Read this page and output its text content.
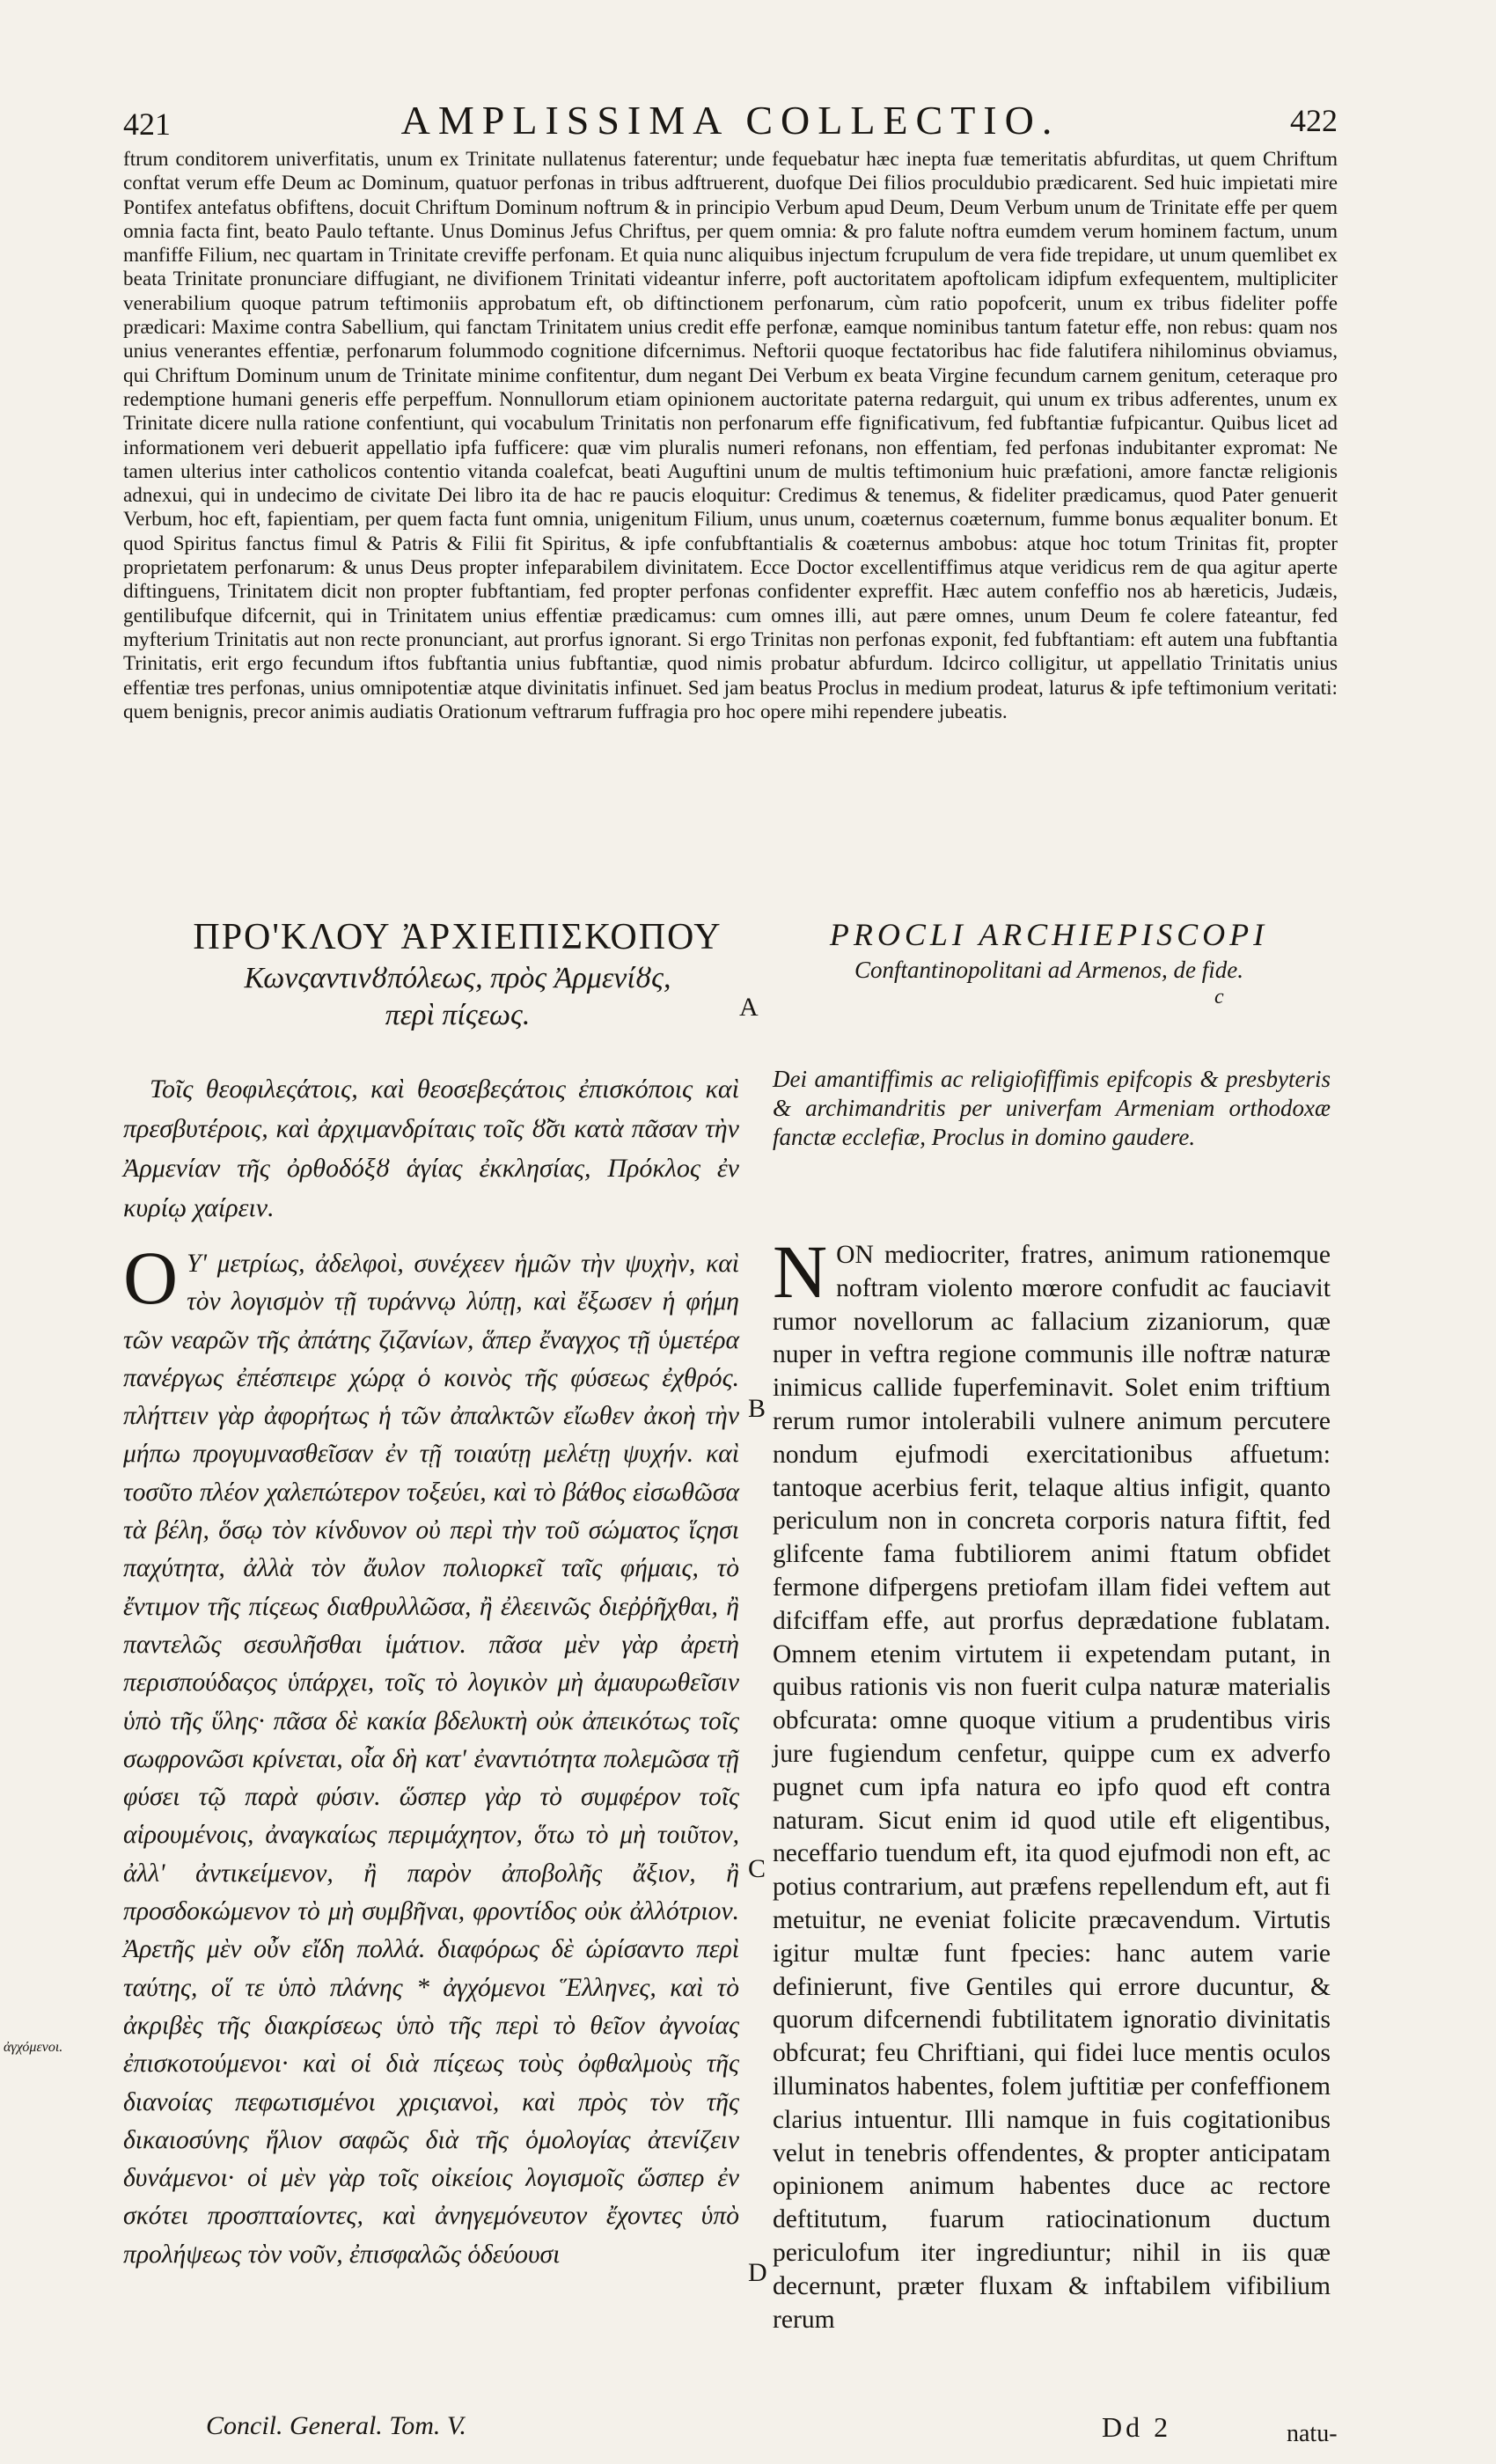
421	AMPLISSIMA COLLECTIO.	422

ftrum conditorem univerfitatis, unum ex Trinitate nullatenus faterentur; unde fequebatur hæc inepta fuæ temeritatis abfurditas, ut quem Chriftum conftat verum effe Deum ac Dominum, quatuor perfonas in tribus adftruerent, duofque Dei filios proculdubio prædicarent. Sed huic impietati mire Pontifex antefatus obfiftens, docuit Chriftum Dominum noftrum & in principio Verbum apud Deum, Deum Verbum unum de Trinitate effe per quem omnia facta fint, beato Paulo teftante. Unus Dominus Jefus Chriftus, per quem omnia: & pro falute noftra eumdem verum hominem factum, unum manfiffe Filium, nec quartam in Trinitate creviffe perfonam. Et quia nunc aliquibus injectum fcrupulum de vera fide trepidare, ut unum quemlibet ex beata Trinitate pronunciare diffugiant, ne divifionem Trinitati videantur inferre, poft auctoritatem apoftolicam idipfum exfequentem, multipliciter venerabilium quoque patrum teftimoniis approbatum eft, ob diftinctionem perfonarum, cùm ratio popofcerit, unum ex tribus fideliter poffe prædicari: Maxime contra Sabellium, qui fanctam Trinitatem unius credit effe perfonæ, eamque nominibus tantum fatetur effe, non rebus: quam nos unius venerantes effentiæ, perfonarum folummodo cognitione difcernimus. Neftorii quoque fectatoribus hac fide falutifera nihilominus obviamus, qui Chriftum Dominum unum de Trinitate minime confitentur, dum negant Dei Verbum ex beata Virgine fecundum carnem genitum, ceteraque pro redemptione humani generis effe perpeffum. Nonnullorum etiam opinionem auctoritate paterna redarguit, qui unum ex tribus adferentes, unum ex Trinitate dicere nulla ratione confentiunt, qui vocabulum Trinitatis non perfonarum effe fignificativum, fed fubftantiæ fufpicantur. Quibus licet ad informationem veri debuerit appellatio ipfa fufficere: quæ vim pluralis numeri refonans, non effentiam, fed perfonas indubitanter expromat: Ne tamen ulterius inter catholicos contentio vitanda coalefcat, beati Auguftini unum de multis teftimonium huic præfationi, amore fanctæ religionis adnexui, qui in undecimo de civitate Dei libro ita de hac re paucis eloquitur: Credimus & tenemus, & fideliter prædicamus, quod Pater genuerit Verbum, hoc eft, fapientiam, per quem facta funt omnia, unigenitum Filium, unus unum, coæternus coæternum, fumme bonus æqualiter bonum. Et quod Spiritus fanctus fimul & Patris & Filii fit Spiritus, & ipfe confubftantialis & coæternus ambobus: atque hoc totum Trinitas fit, propter proprietatem perfonarum: & unus Deus propter infeparabilem divinitatem. Ecce Doctor excellentiffimus atque veridicus rem de qua agitur aperte diftinguens, Trinitatem dicit non propter fubftantiam, fed propter perfonas confidenter expreffit. Hæc autem confeffio nos ab hæreticis, Judæis, gentilibufque difcernit, qui in Trinitatem unius effentiæ prædicamus: cum omnes illi, aut pære omnes, unum Deum fe colere fateantur, fed myfterium Trinitatis aut non recte pronunciant, aut prorfus ignorant. Si ergo Trinitas non perfonas exponit, fed fubftantiam: eft autem una fubftantia Trinitatis, erit ergo fecundum iftos fubftantia unius fubftantiæ, quod nimis probatur abfurdum. Idcirco colligitur, ut appellatio Trinitatis unius effentiæ tres perfonas, unius omnipotentiæ atque divinitatis infinuet. Sed jam beatus Proclus in medium prodeat, laturus & ipfe teftimonium veritati: quem benignis, precor animis audiatis Orationum veftrarum fuffragia pro hoc opere mihi rependere jubeatis.

ΠΡΟ'ΚΛΟΥ ἈΡΧΙΕΠΙΣΚΟΠΟΥ
Κωνςαντινȣπόλεως, πρὸς Ἀρμενίȣς,
περὶ πίςεως.
PROCLI ARCHIEPISCOPI
Conftantinopolitani ad Armenos, de fide.
A	c
B
C
D
Τοῖς θεοφιλεςάτοις, καὶ θεοσεβεςάτοις ἐπισκόποις καὶ πρεσβυτέροις, καὶ ἀρχιμανδρίταις τοῖς ȣ̓̃σι κατὰ πᾶσαν τὴν Ἀρμενίαν τῆς ὀρθοδόξȣ ἁγίας ἐκκλησίας, Πρόκλος ἐν κυρίῳ χαίρειν.
Dei amantiffimis ac religiofiffimis epifcopis & presbyteris & archimandritis per univerfam Armeniam orthodoxæ fanctæ ecclefiæ, Proclus in domino gaudere.
O Υ' μετρίως, ἀδελφοὶ, συνέχεεν ἡμῶν τὴν ψυχὴν, καὶ τὸν λογισμὸν τῇ τυράννῳ λύπῃ, καὶ ἔξωσεν ἡ φήμη τῶν νεαρῶν τῆς ἀπάτης ζιζανίων, ἅπερ ἔναγχος τῇ ὑμετέρα πανέργως ἐπέσπειρε χώρᾳ ὁ κοινὸς τῆς φύσεως ἐχθρός. πλήττειν γὰρ ἀφορήτως ἡ τῶν ἀπαλκτῶν εἴωθεν ἀκοὴ τὴν μήπω προγυμνασθεῖσαν ἐν τῇ τοιαύτῃ μελέτῃ ψυχήν. καὶ τοσῦτο πλέον χαλεπώτερον τοξεύει, καὶ τὸ βάθος εἰσωθῶσα τὰ βέλη, ὅσῳ τὸν κίνδυνον οὐ περὶ τὴν τοῦ σώματος ἵςησι παχύτητα, ἀλλὰ τὸν ἄυλον πολιορκεῖ ταῖς φήμαις, τὸ ἔντιμον τῆς πίςεως διαθρυλλῶσα, ἢ ἐλεεινῶς διεῤῥῆχθαι, ἢ παντελῶς σεσυλῆσθαι ἱμάτιον. πᾶσα μὲν γὰρ ἀρετὴ περισπούδαςος ὑπάρχει, τοῖς τὸ λογικὸν μὴ ἀμαυρωθεῖσιν ὑπὸ τῆς ὕλης· πᾶσα δὲ κακία βδελυκτὴ οὐκ ἀπεικότως τοῖς σωφρονῶσι κρίνεται, οἷα δὴ κατ' ἐναντιότητα πολεμῶσα τῇ φύσει τῷ παρὰ φύσιν. ὥσπερ γὰρ τὸ συμφέρον τοῖς αἱρουμένοις, ἀναγκαίως περιμάχητον, ὅτω τὸ μὴ τοιῦτον, ἀλλ' ἀντικείμενον, ἢ παρὸν ἀποβολῆς ἄξιον, ἢ προσδοκώμενον τὸ μὴ συμβῆναι, φροντίδος οὐκ ἀλλότριον. Ἀρετῆς μὲν οὖν εἴδη πολλά. διαφόρως δὲ ὡρίσαντο περὶ ταύτης, οἵ τε ὑπὸ πλάνης * ἀγχόμενοι Ἕλληνες, καὶ τὸ ἀκριβὲς τῆς διακρίσεως ὑπὸ τῆς περὶ τὸ θεῖον ἀγνοίας ἐπισκοτούμενοι· καὶ οἱ διὰ πίςεως τοὺς ὀφθαλμοὺς τῆς διανοίας πεφωτισμένοι χριςιανοὶ, καὶ πρὸς τὸν τῆς δικαιοσύνης ἥλιον σαφῶς διὰ τῆς ὁμολογίας ἀτενίζειν δυνάμενοι· οἱ μὲν γὰρ τοῖς οἰκείοις λογισμοῖς ὥσπερ ἐν σκότει προσπταίοντες, καὶ ἀνηγεμόνευτον ἔχοντες ὑπὸ προλήψεως τὸν νοῦν, ἐπισφαλῶς ὁδεύουσι
N ON mediocriter, fratres, animum rationemque noftram violento mœrore confudit ac fauciavit rumor novellorum ac fallacium zizaniorum, quæ nuper in veftra regione communis ille noftræ naturæ inimicus callide fuperfeminavit. Solet enim triftium rerum rumor intolerabili vulnere animum percutere nondum ejufmodi exercitationibus affuetum: tantoque acerbius ferit, telaque altius infigit, quanto periculum non in concreta corporis natura fiftit, fed glifcente fama fubtiliorem animi ftatum obfidet fermone difpergens pretiofam illam fidei veftem aut difciffam effe, aut prorfus deprædatione fublatam. Omnem etenim virtutem ii expetendam putant, in quibus rationis vis non fuerit culpa naturæ materialis obfcurata: omne quoque vitium a prudentibus viris jure fugiendum cenfetur, quippe cum ex adverfo pugnet cum ipfa natura eo ipfo quod eft contra naturam. Sicut enim id quod utile eft eligentibus, neceffario tuendum eft, ita quod ejufmodi non eft, ac potius contrarium, aut præfens repellendum eft, aut fi metuitur, ne eveniat folicite præcavendum. Virtutis igitur multæ funt fpecies: hanc autem varie definierunt, five Gentiles qui errore ducuntur, & quorum difcernendi fubtilitatem ignoratio divinitatis obfcurat; feu Chriftiani, qui fidei luce mentis oculos illuminatos habentes, folem juftitiæ per confeffionem clarius intuentur. Illi namque in fuis cogitationibus velut in tenebris offendentes, & propter anticipatam opinionem animum habentes duce ac rectore deftitutum, fuarum ratiocinationum ductum periculofum iter ingrediuntur; nihil in iis quæ decernunt, præter fluxam & inftabilem vifibilium rerum
ἀγχόμενοι.
Concil. General. Tom. V.	Dd 2	natu-
